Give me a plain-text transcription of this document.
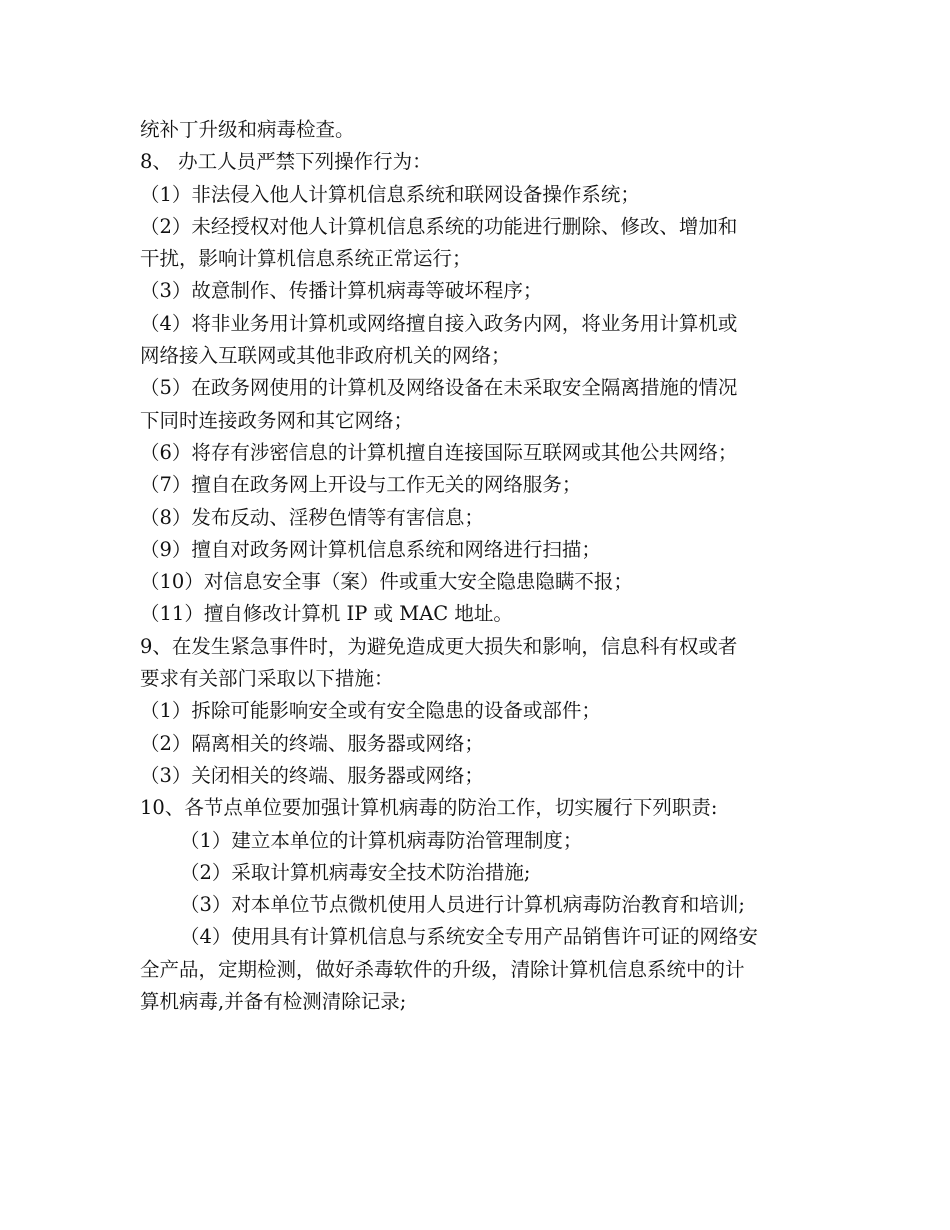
统补丁升级和病毒检查。
8、 办工人员严禁下列操作行为：
（1）非法侵入他人计算机信息系统和联网设备操作系统；
（2）未经授权对他人计算机信息系统的功能进行删除、修改、增加和
干扰，影响计算机信息系统正常运行；
（3）故意制作、传播计算机病毒等破坏程序；
（4）将非业务用计算机或网络擅自接入政务内网，将业务用计算机或
网络接入互联网或其他非政府机关的网络；
（5）在政务网使用的计算机及网络设备在未采取安全隔离措施的情况
下同时连接政务网和其它网络；
（6）将存有涉密信息的计算机擅自连接国际互联网或其他公共网络；
（7）擅自在政务网上开设与工作无关的网络服务；
（8）发布反动、淫秽色情等有害信息；
（9）擅自对政务网计算机信息系统和网络进行扫描；
（10）对信息安全事（案）件或重大安全隐患隐瞒不报；
（11）擅自修改计算机 IP 或 MAC 地址。
9、在发生紧急事件时，为避免造成更大损失和影响，信息科有权或者
要求有关部门采取以下措施：
（1）拆除可能影响安全或有安全隐患的设备或部件；
（2）隔离相关的终端、服务器或网络；
（3）关闭相关的终端、服务器或网络；
10、各节点单位要加强计算机病毒的防治工作，切实履行下列职责:
（1）建立本单位的计算机病毒防治管理制度；
（2）采取计算机病毒安全技术防治措施;
（3）对本单位节点微机使用人员进行计算机病毒防治教育和培训;
（4）使用具有计算机信息与系统安全专用产品销售许可证的网络安
全产品，定期检测，做好杀毒软件的升级，清除计算机信息系统中的计
算机病毒,并备有检测清除记录;
